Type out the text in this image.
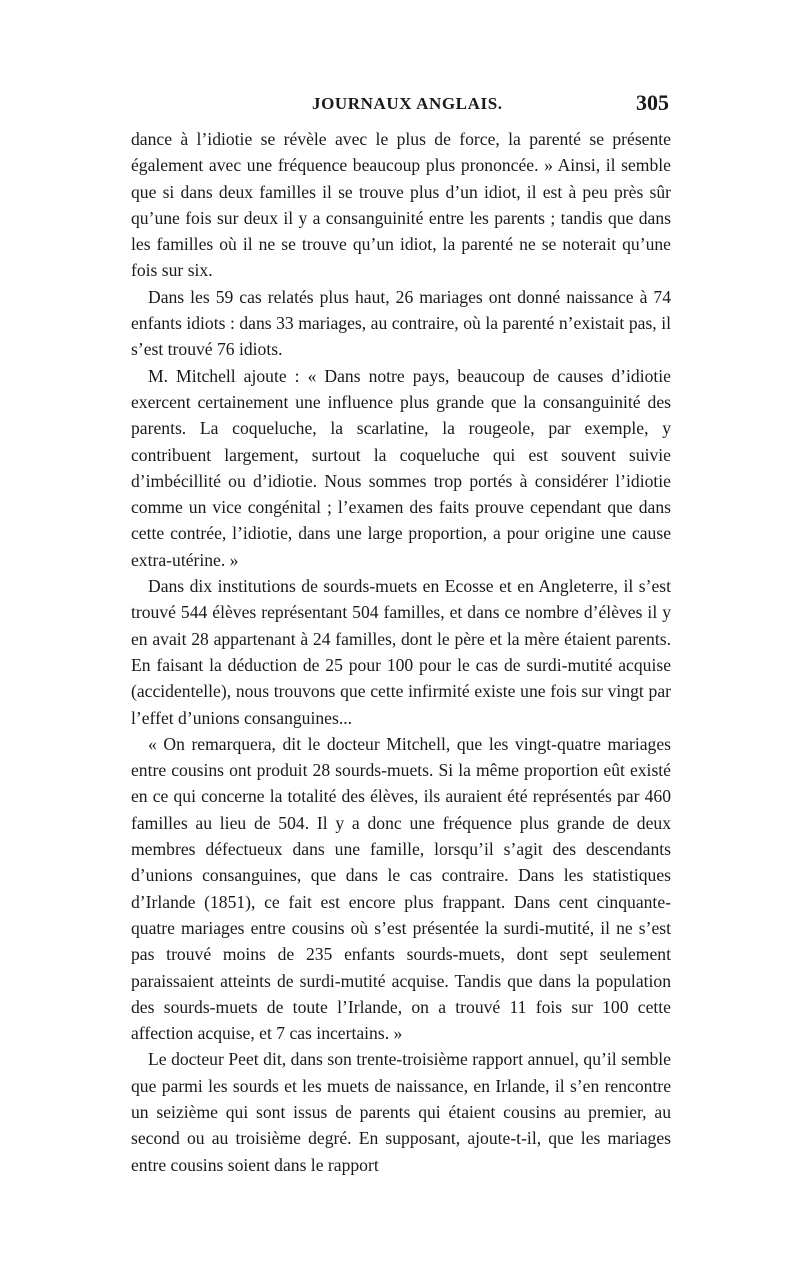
JOURNAUX ANGLAIS.	305

dance à l’idiotie se révèle avec le plus de force, la parenté se présente également avec une fréquence beaucoup plus prononcée. » Ainsi, il semble que si dans deux familles il se trouve plus d’un idiot, il est à peu près sûr qu’une fois sur deux il y a consanguinité entre les parents ; tandis que dans les familles où il ne se trouve qu’un idiot, la parenté ne se noterait qu’une fois sur six.

Dans les 59 cas relatés plus haut, 26 mariages ont donné naissance à 74 enfants idiots : dans 33 mariages, au contraire, où la parenté n’existait pas, il s’est trouvé 76 idiots.

M. Mitchell ajoute : « Dans notre pays, beaucoup de causes d’idiotie exercent certainement une influence plus grande que la consanguinité des parents. La coqueluche, la scarlatine, la rougeole, par exemple, y contribuent largement, surtout la coqueluche qui est souvent suivie d’imbécillité ou d’idiotie. Nous sommes trop portés à considérer l’idiotie comme un vice congénital ; l’examen des faits prouve cependant que dans cette contrée, l’idiotie, dans une large proportion, a pour origine une cause extra-utérine. »

Dans dix institutions de sourds-muets en Ecosse et en Angleterre, il s’est trouvé 544 élèves représentant 504 familles, et dans ce nombre d’élèves il y en avait 28 appartenant à 24 familles, dont le père et la mère étaient parents. En faisant la déduction de 25 pour 100 pour le cas de surdi-mutité acquise (accidentelle), nous trouvons que cette infirmité existe une fois sur vingt par l’effet d’unions consanguines...

« On remarquera, dit le docteur Mitchell, que les vingt-quatre mariages entre cousins ont produit 28 sourds-muets. Si la même proportion eût existé en ce qui concerne la totalité des élèves, ils auraient été représentés par 460 familles au lieu de 504. Il y a donc une fréquence plus grande de deux membres défectueux dans une famille, lorsqu’il s’agit des descendants d’unions consanguines, que dans le cas contraire. Dans les statistiques d’Irlande (1851), ce fait est encore plus frappant. Dans cent cinquante-quatre mariages entre cousins où s’est présentée la surdi-mutité, il ne s’est pas trouvé moins de 235 enfants sourds-muets, dont sept seulement paraissaient atteints de surdi-mutité acquise. Tandis que dans la population des sourds-muets de toute l’Irlande, on a trouvé 11 fois sur 100 cette affection acquise, et 7 cas incertains. »

Le docteur Peet dit, dans son trente-troisième rapport annuel, qu’il semble que parmi les sourds et les muets de naissance, en Irlande, il s’en rencontre un seizième qui sont issus de parents qui étaient cousins au premier, au second ou au troisième degré. En supposant, ajoute-t-il, que les mariages entre cousins soient dans le rapport
